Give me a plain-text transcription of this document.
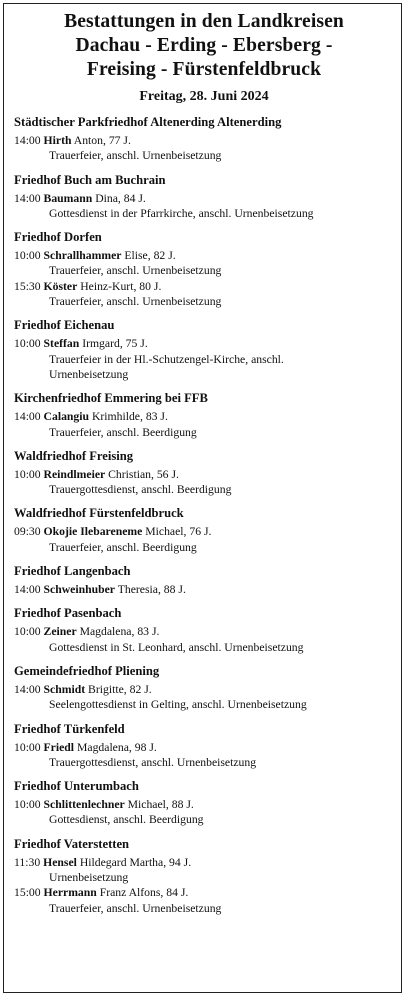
Bestattungen in den Landkreisen
Dachau - Erding - Ebersberg -
Freising - Fürstenfeldbruck
Freitag, 28. Juni 2024
Städtischer Parkfriedhof Altenerding Altenerding
14:00 Hirth Anton, 77 J.
Trauerfeier, anschl. Urnenbeisetzung
Friedhof Buch am Buchrain
14:00 Baumann Dina, 84 J.
Gottesdienst in der Pfarrkirche, anschl. Urnenbeisetzung
Friedhof Dorfen
10:00 Schrallhammer Elise, 82 J.
Trauerfeier, anschl. Urnenbeisetzung
15:30 Köster Heinz-Kurt, 80 J.
Trauerfeier, anschl. Urnenbeisetzung
Friedhof Eichenau
10:00 Steffan Irmgard, 75 J.
Trauerfeier in der Hl.-Schutzengel-Kirche, anschl.
Urnenbeisetzung
Kirchenfriedhof Emmering bei FFB
14:00 Calangiu Krimhilde, 83 J.
Trauerfeier, anschl. Beerdigung
Waldfriedhof Freising
10:00 Reindlmeier Christian, 56 J.
Trauergottesdienst, anschl. Beerdigung
Waldfriedhof Fürstenfeldbruck
09:30 Okojie Ilebareneme Michael, 76 J.
Trauerfeier, anschl. Beerdigung
Friedhof Langenbach
14:00 Schweinhuber Theresia, 88 J.
Friedhof Pasenbach
10:00 Zeiner Magdalena, 83 J.
Gottesdienst in St. Leonhard, anschl. Urnenbeisetzung
Gemeindefriedhof Pliening
14:00 Schmidt Brigitte, 82 J.
Seelengottesdienst in Gelting, anschl. Urnenbeisetzung
Friedhof Türkenfeld
10:00 Friedl Magdalena, 98 J.
Trauergottesdienst, anschl. Urnenbeisetzung
Friedhof Unterumbach
10:00 Schlittenlechner Michael, 88 J.
Gottesdienst, anschl. Beerdigung
Friedhof Vaterstetten
11:30 Hensel Hildegard Martha, 94 J.
Urnenbeisetzung
15:00 Herrmann Franz Alfons, 84 J.
Trauerfeier, anschl. Urnenbeisetzung
